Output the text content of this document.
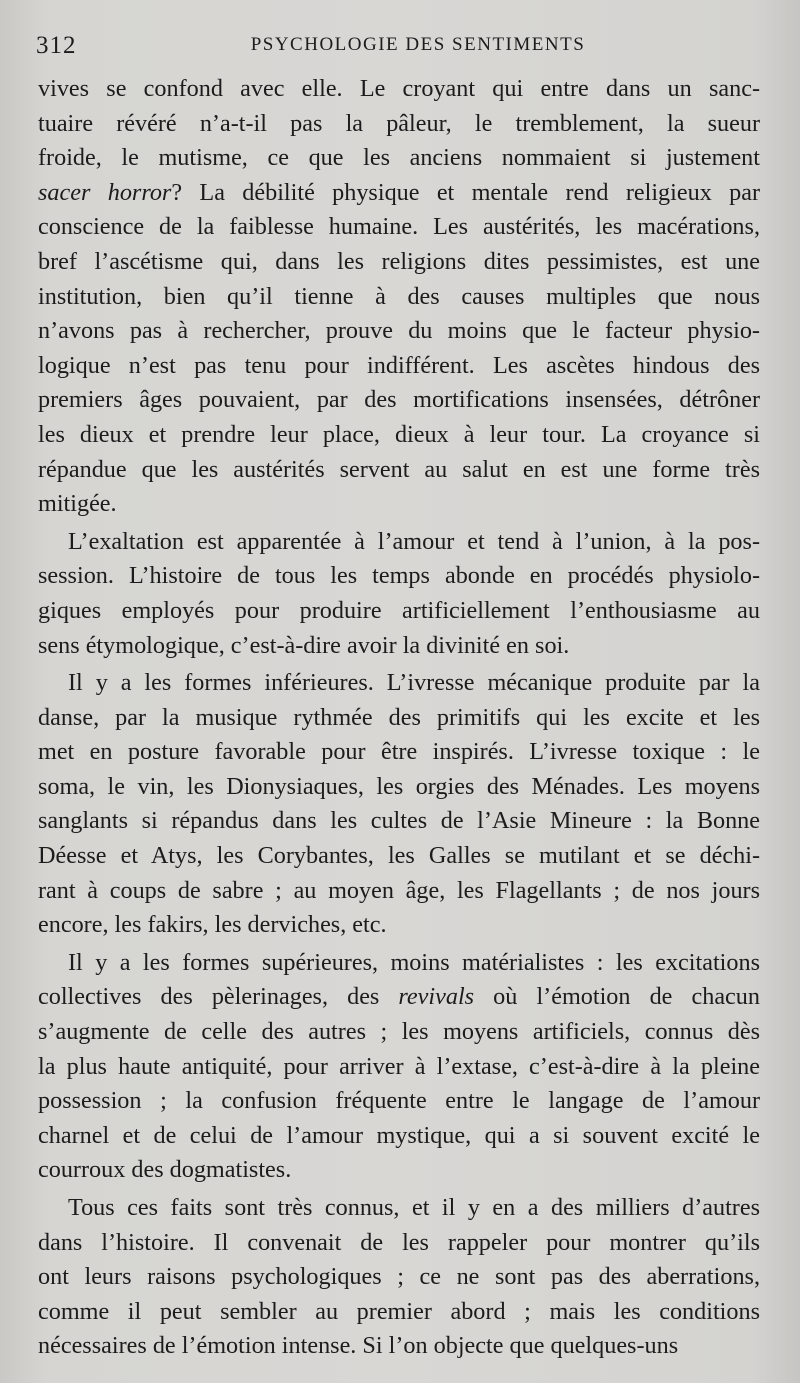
312	PSYCHOLOGIE DES SENTIMENTS
vives se confond avec elle. Le croyant qui entre dans un sanc-
tuaire révéré n’a-t-il pas la pâleur, le tremblement, la sueur
froide, le mutisme, ce que les anciens nommaient si justement
sacer horror? La débilité physique et mentale rend religieux par
conscience de la faiblesse humaine. Les austérités, les macérations,
bref l’ascétisme qui, dans les religions dites pessimistes, est une
institution, bien qu’il tienne à des causes multiples que nous
n’avons pas à rechercher, prouve du moins que le facteur physio-
logique n’est pas tenu pour indifférent. Les ascètes hindous des
premiers âges pouvaient, par des mortifications insensées, détrôner
les dieux et prendre leur place, dieux à leur tour. La croyance si
répandue que les austérités servent au salut en est une forme très
mitigée.
L’exaltation est apparentée à l’amour et tend à l’union, à la pos-
session. L’histoire de tous les temps abonde en procédés physiolo-
giques employés pour produire artificiellement l’enthousiasme au
sens étymologique, c’est-à-dire avoir la divinité en soi.
Il y a les formes inférieures. L’ivresse mécanique produite par la
danse, par la musique rythmée des primitifs qui les excite et les
met en posture favorable pour être inspirés. L’ivresse toxique : le
soma, le vin, les Dionysiaques, les orgies des Ménades. Les moyens
sanglants si répandus dans les cultes de l’Asie Mineure : la Bonne
Déesse et Atys, les Corybantes, les Galles se mutilant et se déchi-
rant à coups de sabre ; au moyen âge, les Flagellants ; de nos jours
encore, les fakirs, les derviches, etc.
Il y a les formes supérieures, moins matérialistes : les excitations
collectives des pèlerinages, des revivals où l’émotion de chacun
s’augmente de celle des autres ; les moyens artificiels, connus dès
la plus haute antiquité, pour arriver à l’extase, c’est-à-dire à la pleine
possession ; la confusion fréquente entre le langage de l’amour
charnel et de celui de l’amour mystique, qui a si souvent excité le
courroux des dogmatistes.
Tous ces faits sont très connus, et il y en a des milliers d’autres
dans l’histoire. Il convenait de les rappeler pour montrer qu’ils
ont leurs raisons psychologiques ; ce ne sont pas des aberrations,
comme il peut sembler au premier abord ; mais les conditions
nécessaires de l’émotion intense. Si l’on objecte que quelques-uns
